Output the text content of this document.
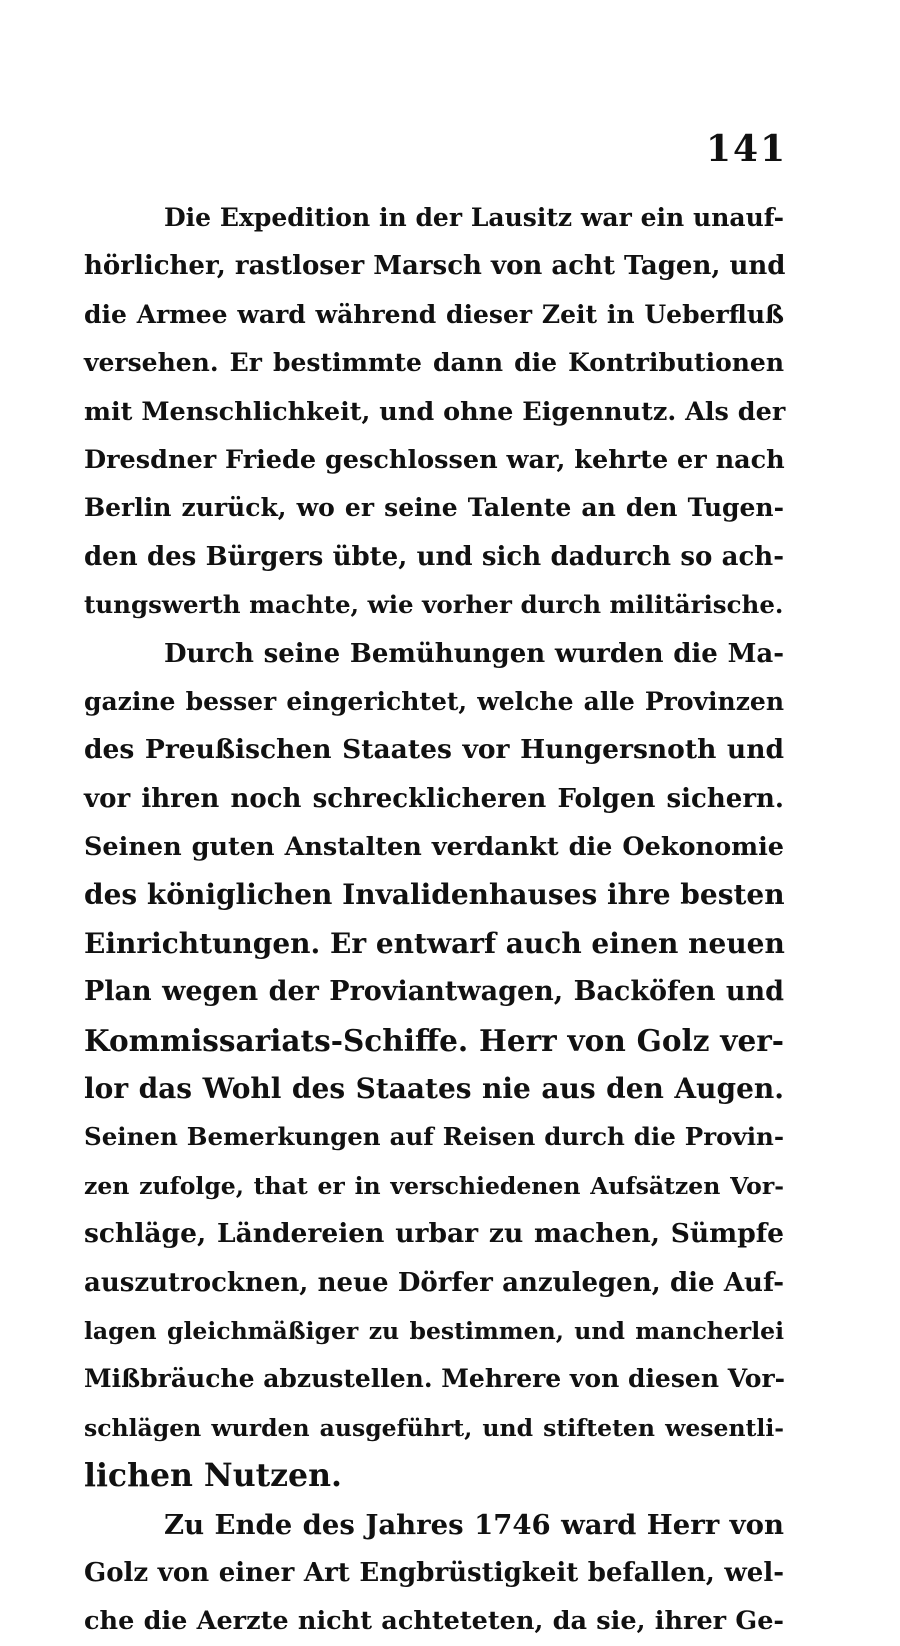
141
Die Expedition in der Lausitz war ein unauf-
hörlicher, rastloser Marsch von acht Tagen, und
die Armee ward während dieser Zeit in Ueberfluß
versehen. Er bestimmte dann die Kontributionen
mit Menschlichkeit, und ohne Eigennutz. Als der
Dresdner Friede geschlossen war, kehrte er nach
Berlin zurück, wo er seine Talente an den Tugen-
den des Bürgers übte, und sich dadurch so ach-
tungswerth machte, wie vorher durch militärische.
Durch seine Bemühungen wurden die Ma-
gazine besser eingerichtet, welche alle Provinzen
des Preußischen Staates vor Hungersnoth und
vor ihren noch schrecklicheren Folgen sichern.
Seinen guten Anstalten verdankt die Oekonomie
des königlichen Invalidenhauses ihre besten
Einrichtungen. Er entwarf auch einen neuen
Plan wegen der Proviantwagen, Backöfen und
Kommissariats-Schiffe. Herr von Golz ver-
lor das Wohl des Staates nie aus den Augen.
Seinen Bemerkungen auf Reisen durch die Provin-
zen zufolge, that er in verschiedenen Aufsätzen Vor-
schläge, Ländereien urbar zu machen, Sümpfe
auszutrocknen, neue Dörfer anzulegen, die Auf-
lagen gleichmäßiger zu bestimmen, und mancherlei
Mißbräuche abzustellen. Mehrere von diesen Vor-
schlägen wurden ausgeführt, und stifteten wesentli-
lichen Nutzen.
Zu Ende des Jahres 1746 ward Herr von
Golz von einer Art Engbrüstigkeit befallen, wel-
che die Aerzte nicht achteteten, da sie, ihrer Ge-
